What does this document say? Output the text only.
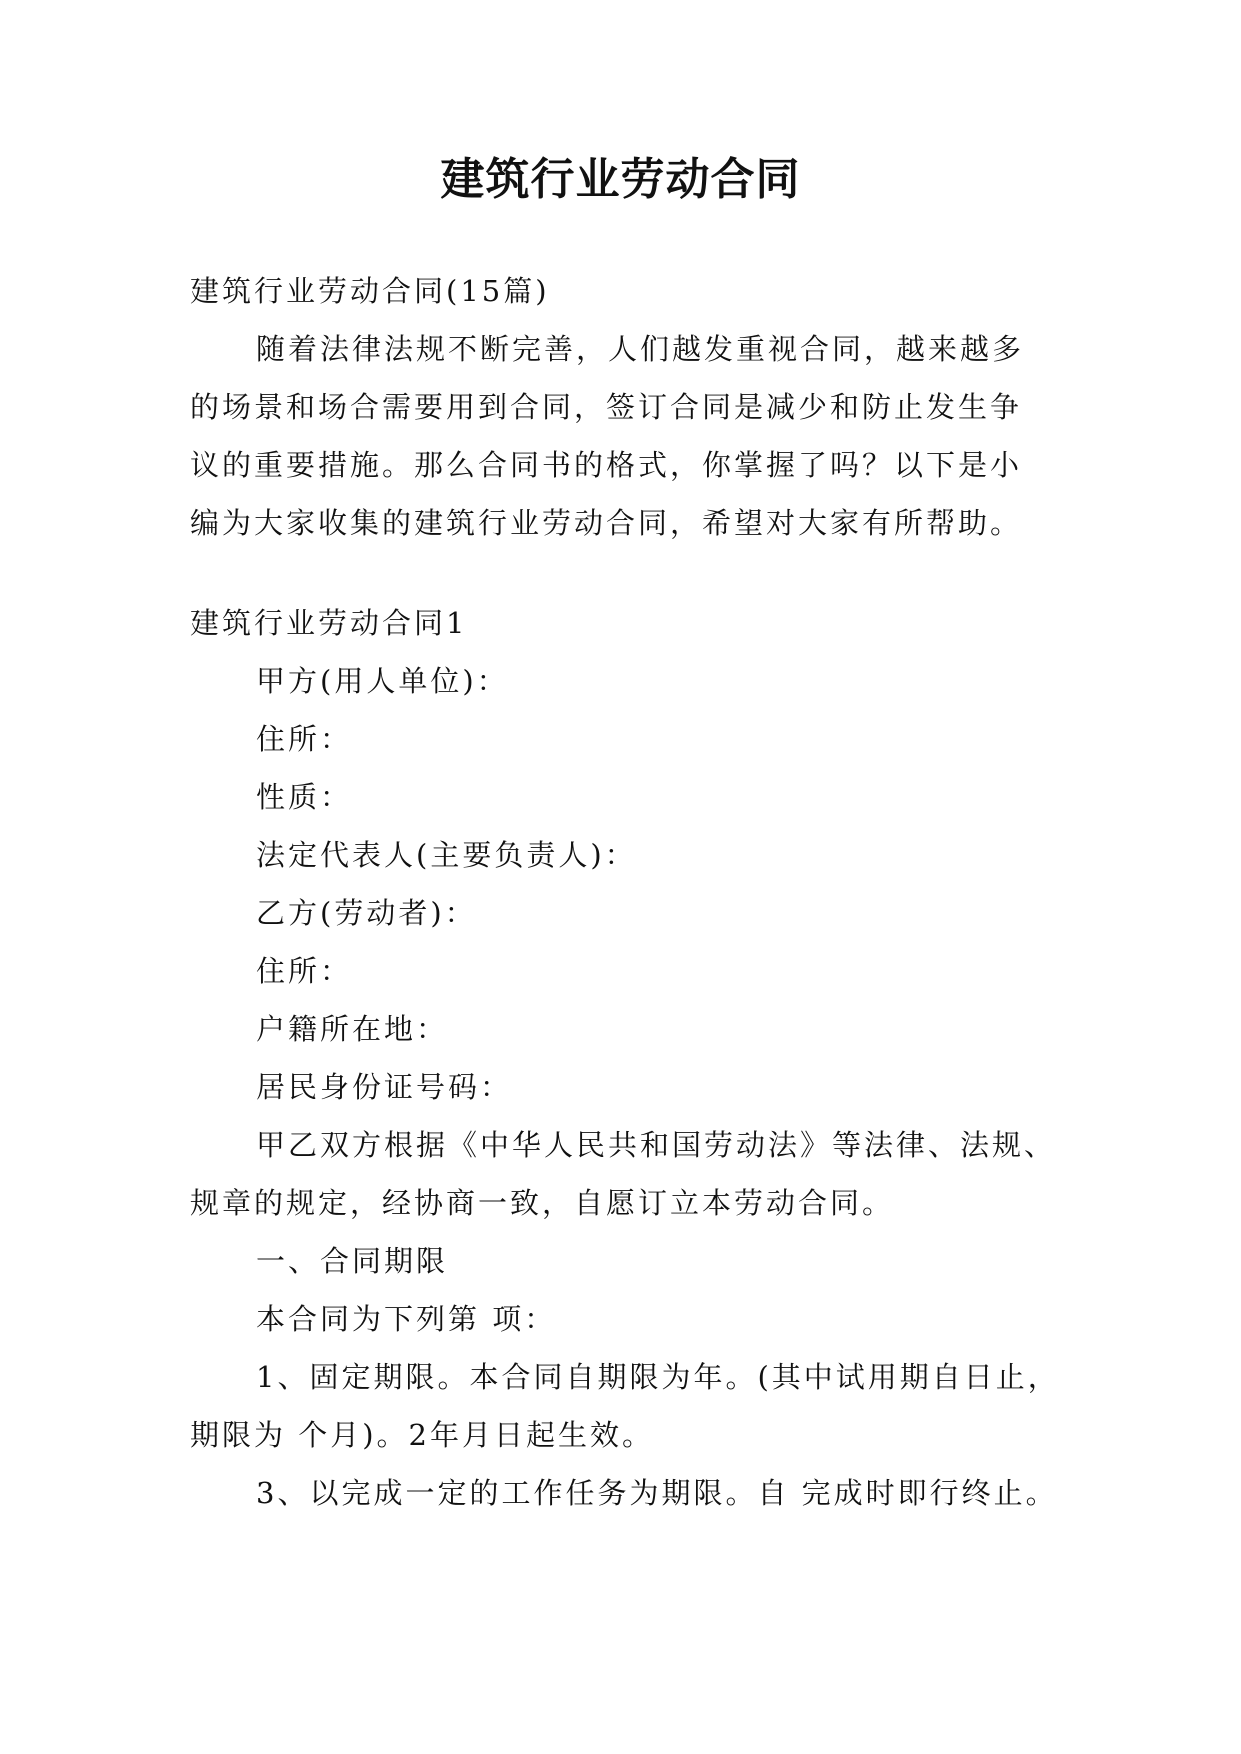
建筑行业劳动合同
建筑行业劳动合同(15篇)
随着法律法规不断完善，人们越发重视合同，越来越多
的场景和场合需要用到合同，签订合同是减少和防止发生争
议的重要措施。那么合同书的格式，你掌握了吗？以下是小
编为大家收集的建筑行业劳动合同，希望对大家有所帮助。
建筑行业劳动合同1
甲方(用人单位)：
住所：
性质：
法定代表人(主要负责人)：
乙方(劳动者)：
住所：
户籍所在地：
居民身份证号码：
甲乙双方根据《中华人民共和国劳动法》等法律、法规、
规章的规定，经协商一致，自愿订立本劳动合同。
一、合同期限
本合同为下列第 项：
1、固定期限。本合同自期限为年。(其中试用期自日止，
期限为 个月)。2年月日起生效。
3、以完成一定的工作任务为期限。自 完成时即行终止。
